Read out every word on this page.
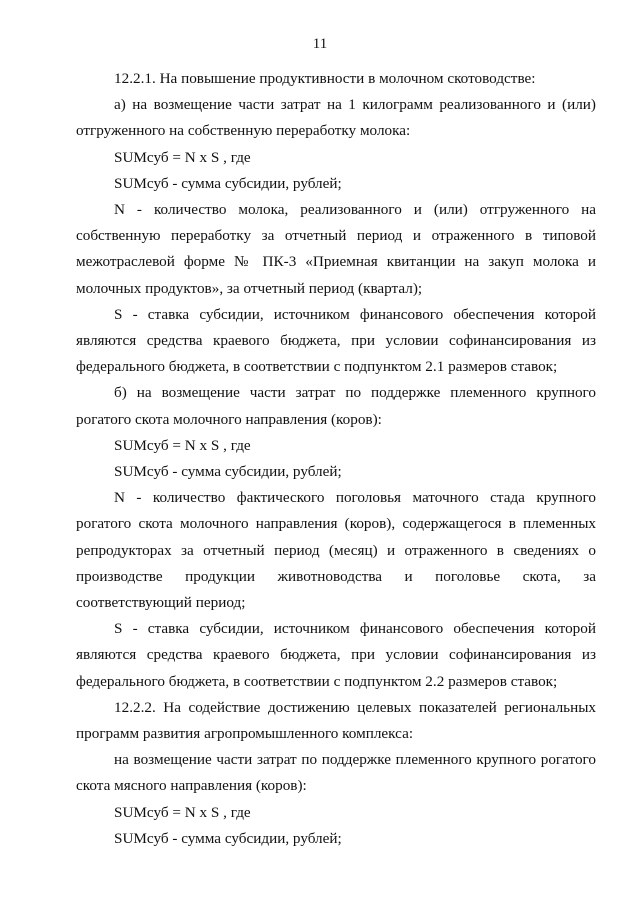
11

12.2.1. На повышение продуктивности в молочном скотоводстве:

а) на возмещение части затрат на 1 килограмм реализованного и (или) отгруженного на собственную переработку молока:

SUMсуб = N x S , где

SUMсуб - сумма субсидии, рублей;

N - количество молока, реализованного и (или) отгруженного на собственную переработку за отчетный период и отраженного в типовой межотраслевой форме № ПК-3 «Приемная квитанции на закуп молока и молочных продуктов», за отчетный период (квартал);

S - ставка субсидии, источником финансового обеспечения которой являются средства краевого бюджета, при условии софинансирования из федерального бюджета, в соответствии с подпунктом 2.1 размеров ставок;

б) на возмещение части затрат по поддержке племенного крупного рогатого скота молочного направления (коров):

SUMсуб = N x S , где

SUMсуб - сумма субсидии, рублей;

N - количество фактического поголовья маточного стада крупного рогатого скота молочного направления (коров), содержащегося в племенных репродукторах за отчетный период (месяц) и отраженного в сведениях о производстве продукции животноводства и поголовье скота, за соответствующий период;

S - ставка субсидии, источником финансового обеспечения которой являются средства краевого бюджета, при условии софинансирования из федерального бюджета, в соответствии с подпунктом 2.2 размеров ставок;

12.2.2. На содействие достижению целевых показателей региональных программ развития агропромышленного комплекса:

на возмещение части затрат по поддержке племенного крупного рогатого скота мясного направления (коров):

SUMсуб = N x S , где

SUMсуб - сумма субсидии, рублей;
